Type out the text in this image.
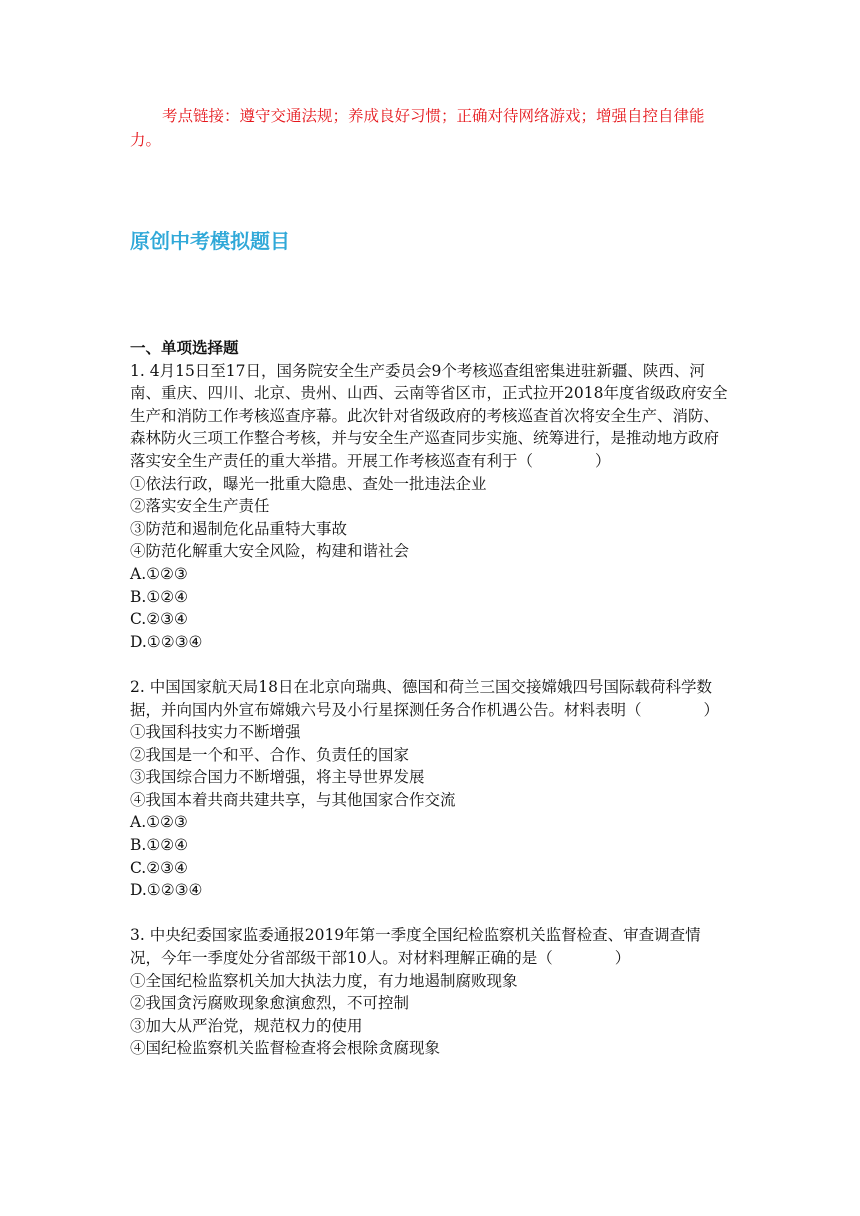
考点链接：遵守交通法规；养成良好习惯；正确对待网络游戏；增强自控自律能力。

原创中考模拟题目
一、单项选择题
1. 4月15日至17日，国务院安全生产委员会9个考核巡查组密集进驻新疆、陕西、河南、重庆、四川、北京、贵州、山西、云南等省区市，正式拉开2018年度省级政府安全生产和消防工作考核巡查序幕。此次针对省级政府的考核巡查首次将安全生产、消防、森林防火三项工作整合考核，并与安全生产巡查同步实施、统筹进行，是推动地方政府落实安全生产责任的重大举措。开展工作考核巡查有利于（　　　　）
①依法行政，曝光一批重大隐患、查处一批违法企业
②落实安全生产责任
③防范和遏制危化品重特大事故
④防范化解重大安全风险，构建和谐社会
A.①②③
B.①②④
C.②③④
D.①②③④
2. 中国国家航天局18日在北京向瑞典、德国和荷兰三国交接嫦娥四号国际载荷科学数据，并向国内外宣布嫦娥六号及小行星探测任务合作机遇公告。材料表明（　　　　）
①我国科技实力不断增强
②我国是一个和平、合作、负责任的国家
③我国综合国力不断增强，将主导世界发展
④我国本着共商共建共享，与其他国家合作交流
A.①②③
B.①②④
C.②③④
D.①②③④
3. 中央纪委国家监委通报2019年第一季度全国纪检监察机关监督检查、审查调查情况，今年一季度处分省部级干部10人。对材料理解正确的是（　　　　）
①全国纪检监察机关加大执法力度，有力地遏制腐败现象
②我国贪污腐败现象愈演愈烈，不可控制
③加大从严治党，规范权力的使用
④国纪检监察机关监督检查将会根除贪腐现象
